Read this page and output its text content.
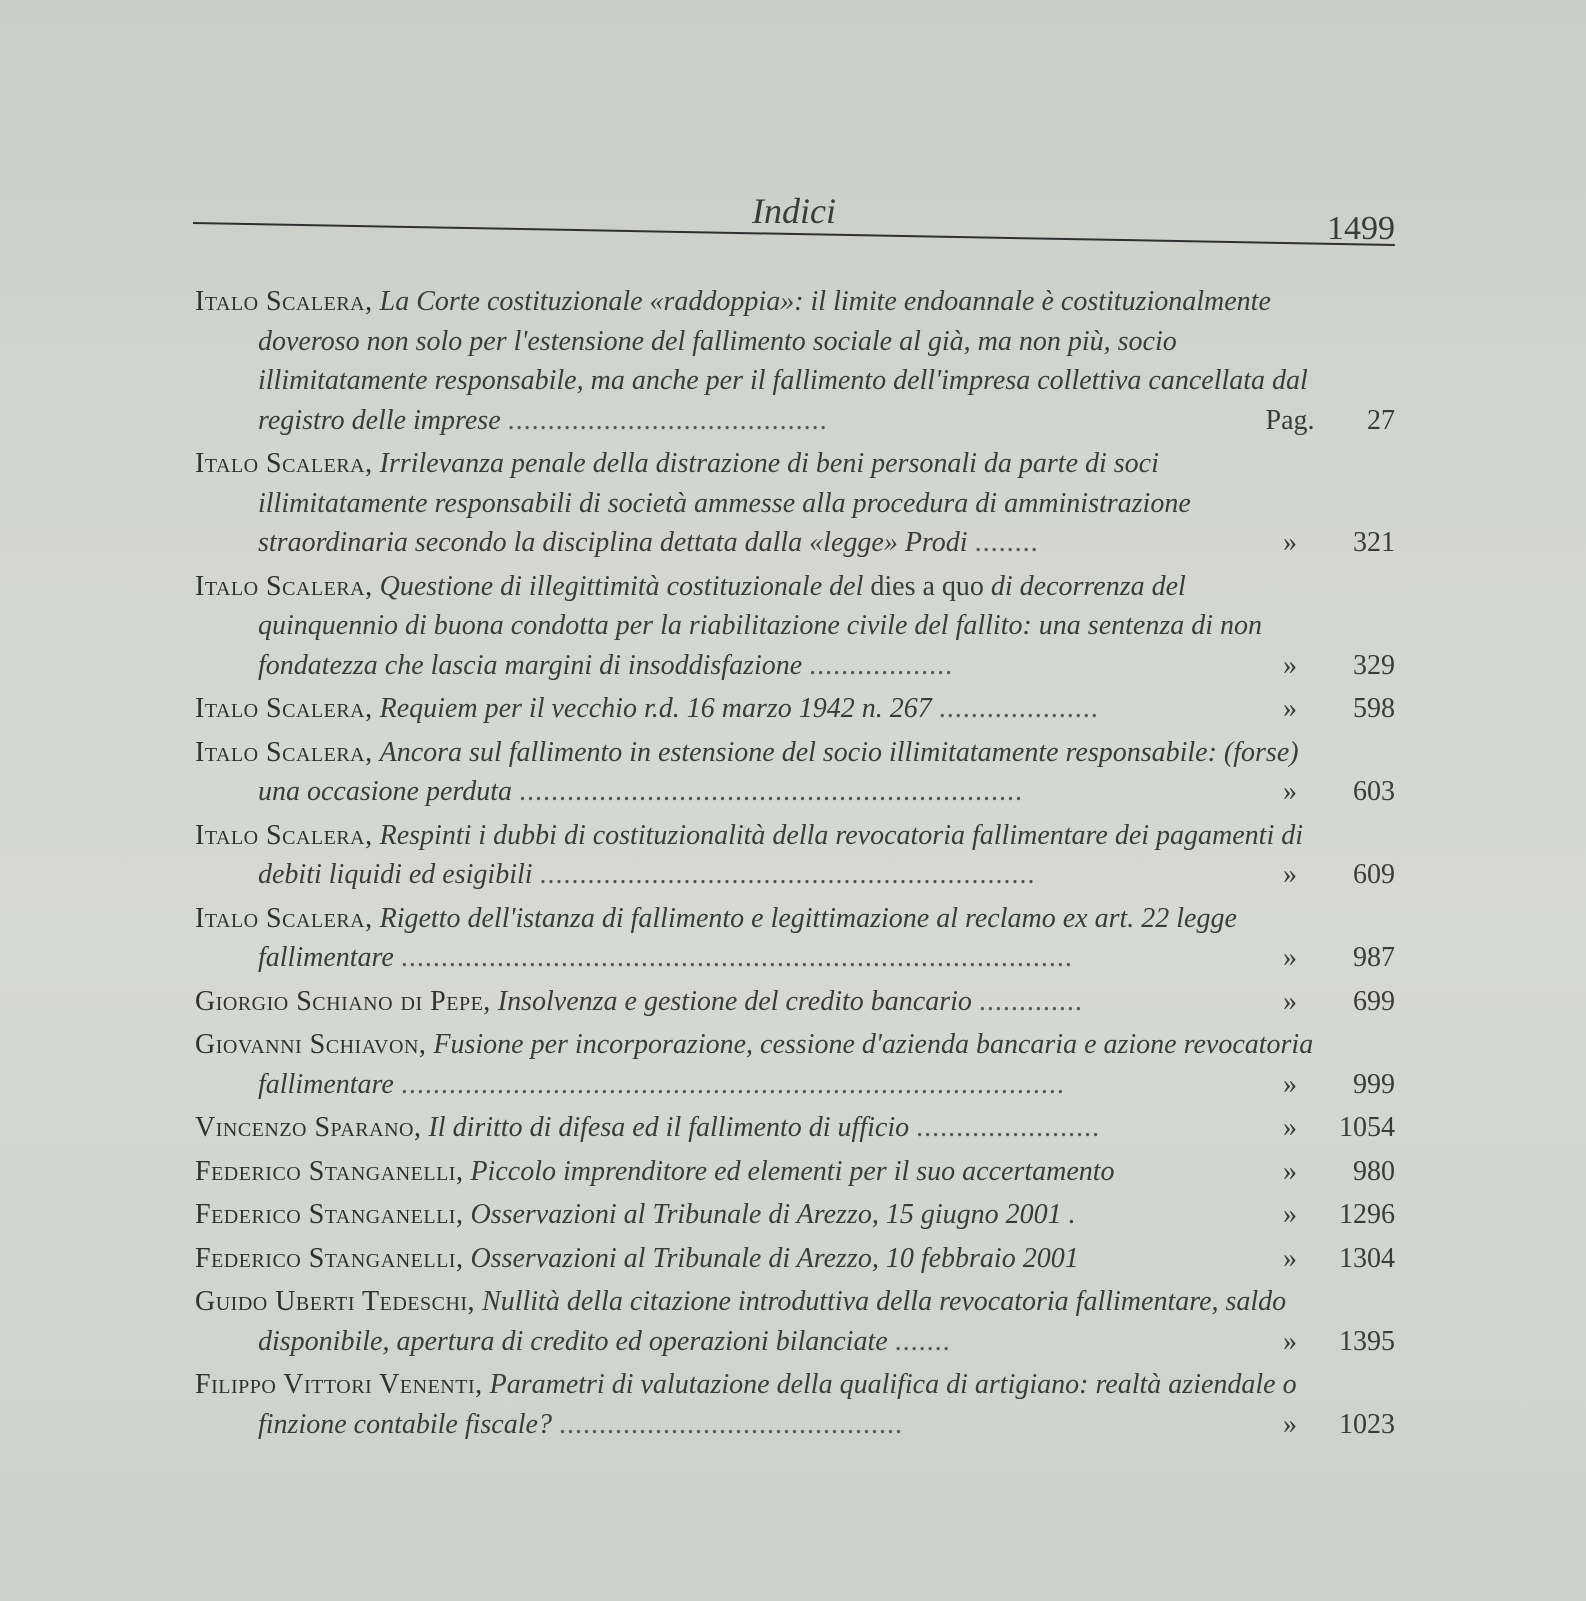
Indici	1499
Italo Scalera, La Corte costituzionale «raddoppia»: il limite endoannale è costituzionalmente doveroso non solo per l'estensione del fallimento sociale al già, ma non più, socio illimitatamente responsabile, ma anche per il fallimento dell'impresa collettiva cancellata dal registro delle imprese ........................................	Pag.	27
Italo Scalera, Irrilevanza penale della distrazione di beni personali da parte di soci illimitatamente responsabili di società ammesse alla procedura di amministrazione straordinaria secondo la disciplina dettata dalla «legge» Prodi ........	»	321
Italo Scalera, Questione di illegittimità costituzionale del dies a quo di decorrenza del quinquennio di buona condotta per la riabilitazione civile del fallito: una sentenza di non fondatezza che lascia margini di insoddisfazione ..................	»	329
Italo Scalera, Requiem per il vecchio r.d. 16 marzo 1942 n. 267 ....................	»	598
Italo Scalera, Ancora sul fallimento in estensione del socio illimitatamente responsabile: (forse) una occasione perduta ...............................................................	»	603
Italo Scalera, Respinti i dubbi di costituzionalità della revocatoria fallimentare dei pagamenti di debiti liquidi ed esigibili ..............................................................	»	609
Italo Scalera, Rigetto dell'istanza di fallimento e legittimazione al reclamo ex art. 22 legge fallimentare ....................................................................................	»	987
Giorgio Schiano di Pepe, Insolvenza e gestione del credito bancario .............	»	699
Giovanni Schiavon, Fusione per incorporazione, cessione d'azienda bancaria e azione revocatoria fallimentare ...................................................................................	»	999
Vincenzo Sparano, Il diritto di difesa ed il fallimento di ufficio .......................	»	1054
Federico Stanganelli, Piccolo imprenditore ed elementi per il suo accertamento	»	980
Federico Stanganelli, Osservazioni al Tribunale di Arezzo, 15 giugno 2001 .	»	1296
Federico Stanganelli, Osservazioni al Tribunale di Arezzo, 10 febbraio 2001	»	1304
Guido Uberti Tedeschi, Nullità della citazione introduttiva della revocatoria fallimentare, saldo disponibile, apertura di credito ed operazioni bilanciate .......	»	1395
Filippo Vittori Venenti, Parametri di valutazione della qualifica di artigiano: realtà aziendale o finzione contabile fiscale? ...........................................	»	1023
